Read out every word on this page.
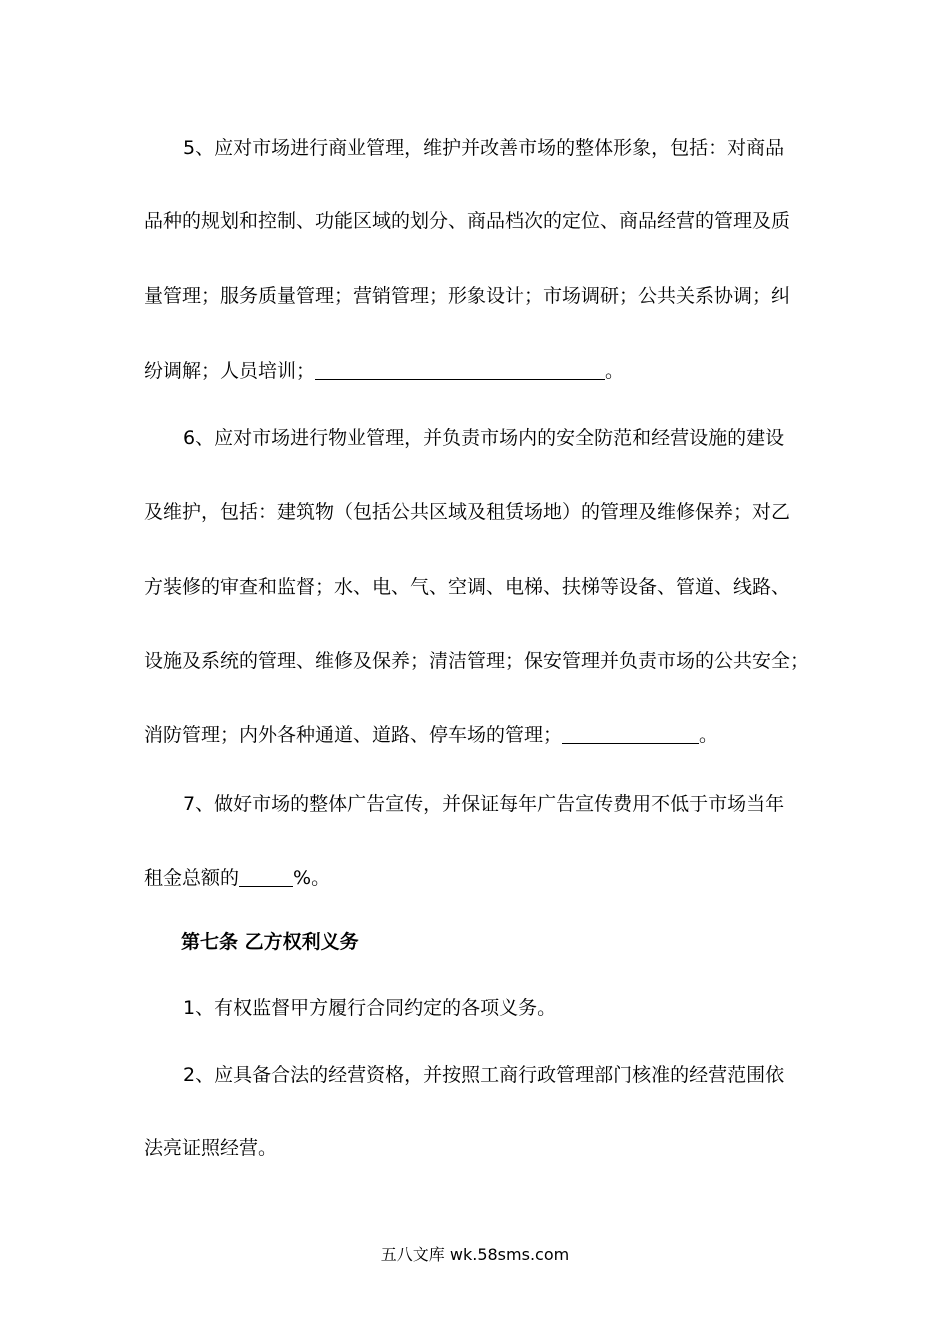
5、应对市场进行商业管理，维护并改善市场的整体形象，包括：对商品
品种的规划和控制、功能区域的划分、商品档次的定位、商品经营的管理及质
量管理；服务质量管理；营销管理；形象设计；市场调研；公共关系协调；纠
纷调解；人员培训；	。
6、应对市场进行物业管理，并负责市场内的安全防范和经营设施的建设
及维护，包括：建筑物（包括公共区域及租赁场地）的管理及维修保养；对乙
方装修的审查和监督；水、电、气、空调、电梯、扶梯等设备、管道、线路、
设施及系统的管理、维修及保养；清洁管理；保安管理并负责市场的公共安全；
消防管理；内外各种通道、道路、停车场的管理；	。
7、做好市场的整体广告宣传，并保证每年广告宣传费用不低于市场当年
租金总额的	%。
第七条 乙方权利义务
1、有权监督甲方履行合同约定的各项义务。
2、应具备合法的经营资格，并按照工商行政管理部门核准的经营范围依
法亮证照经营。
五八文库 wk.58sms.com
